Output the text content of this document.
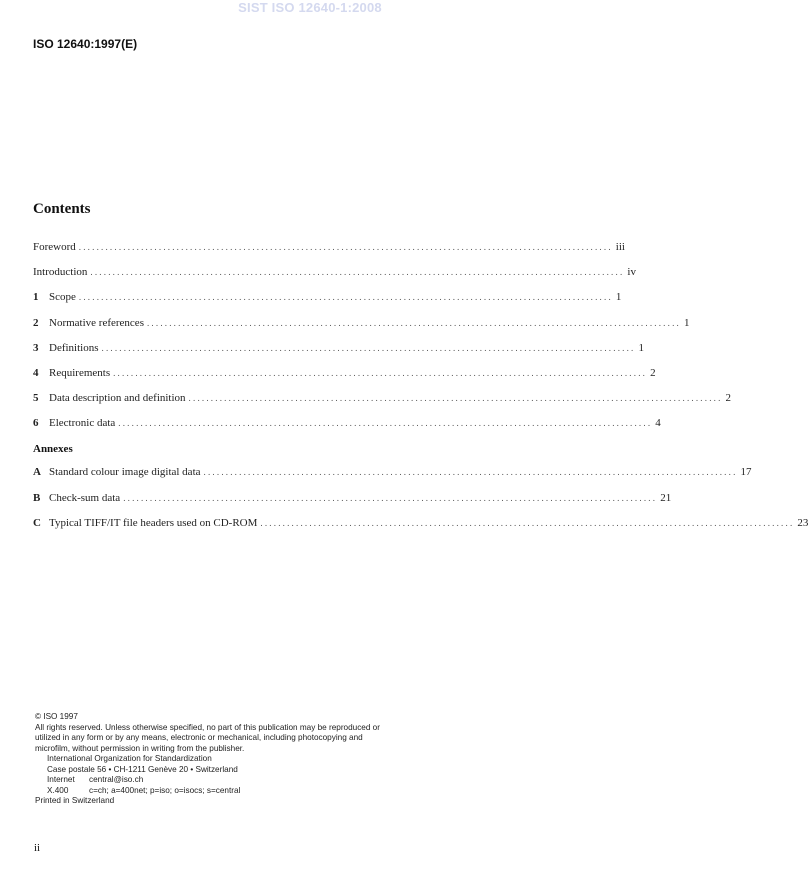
SIST ISO 12640-1:2008
ISO 12640:1997(E)
Contents
Foreword ........................................................................................................................ iii
Introduction ........................................................................................................................ iv
1 Scope ........................................................................................................................ 1
2 Normative references ........................................................................................................................ 1
3 Definitions ........................................................................................................................ 1
4 Requirements ........................................................................................................................ 2
5 Data description and definition ........................................................................................................................ 2
6 Electronic data ........................................................................................................................ 4
Annexes
A Standard colour image digital data ........................................................................................................................ 17
B Check-sum data ........................................................................................................................ 21
C Typical TIFF/IT file headers used on CD-ROM ........................................................................................................................ 23

© ISO 1997

All rights reserved. Unless otherwise specified, no part of this publication may be reproduced or utilized in any form or by any means, electronic or mechanical, including photocopying and microfilm, without permission in writing from the publisher.

International Organization for Standardization
Case postale 56 • CH-1211 Genève 20 • Switzerland
Internet	central@iso.ch
X.400	c=ch; a=400net; p=iso; o=isocs; s=central

Printed in Switzerland

ii
